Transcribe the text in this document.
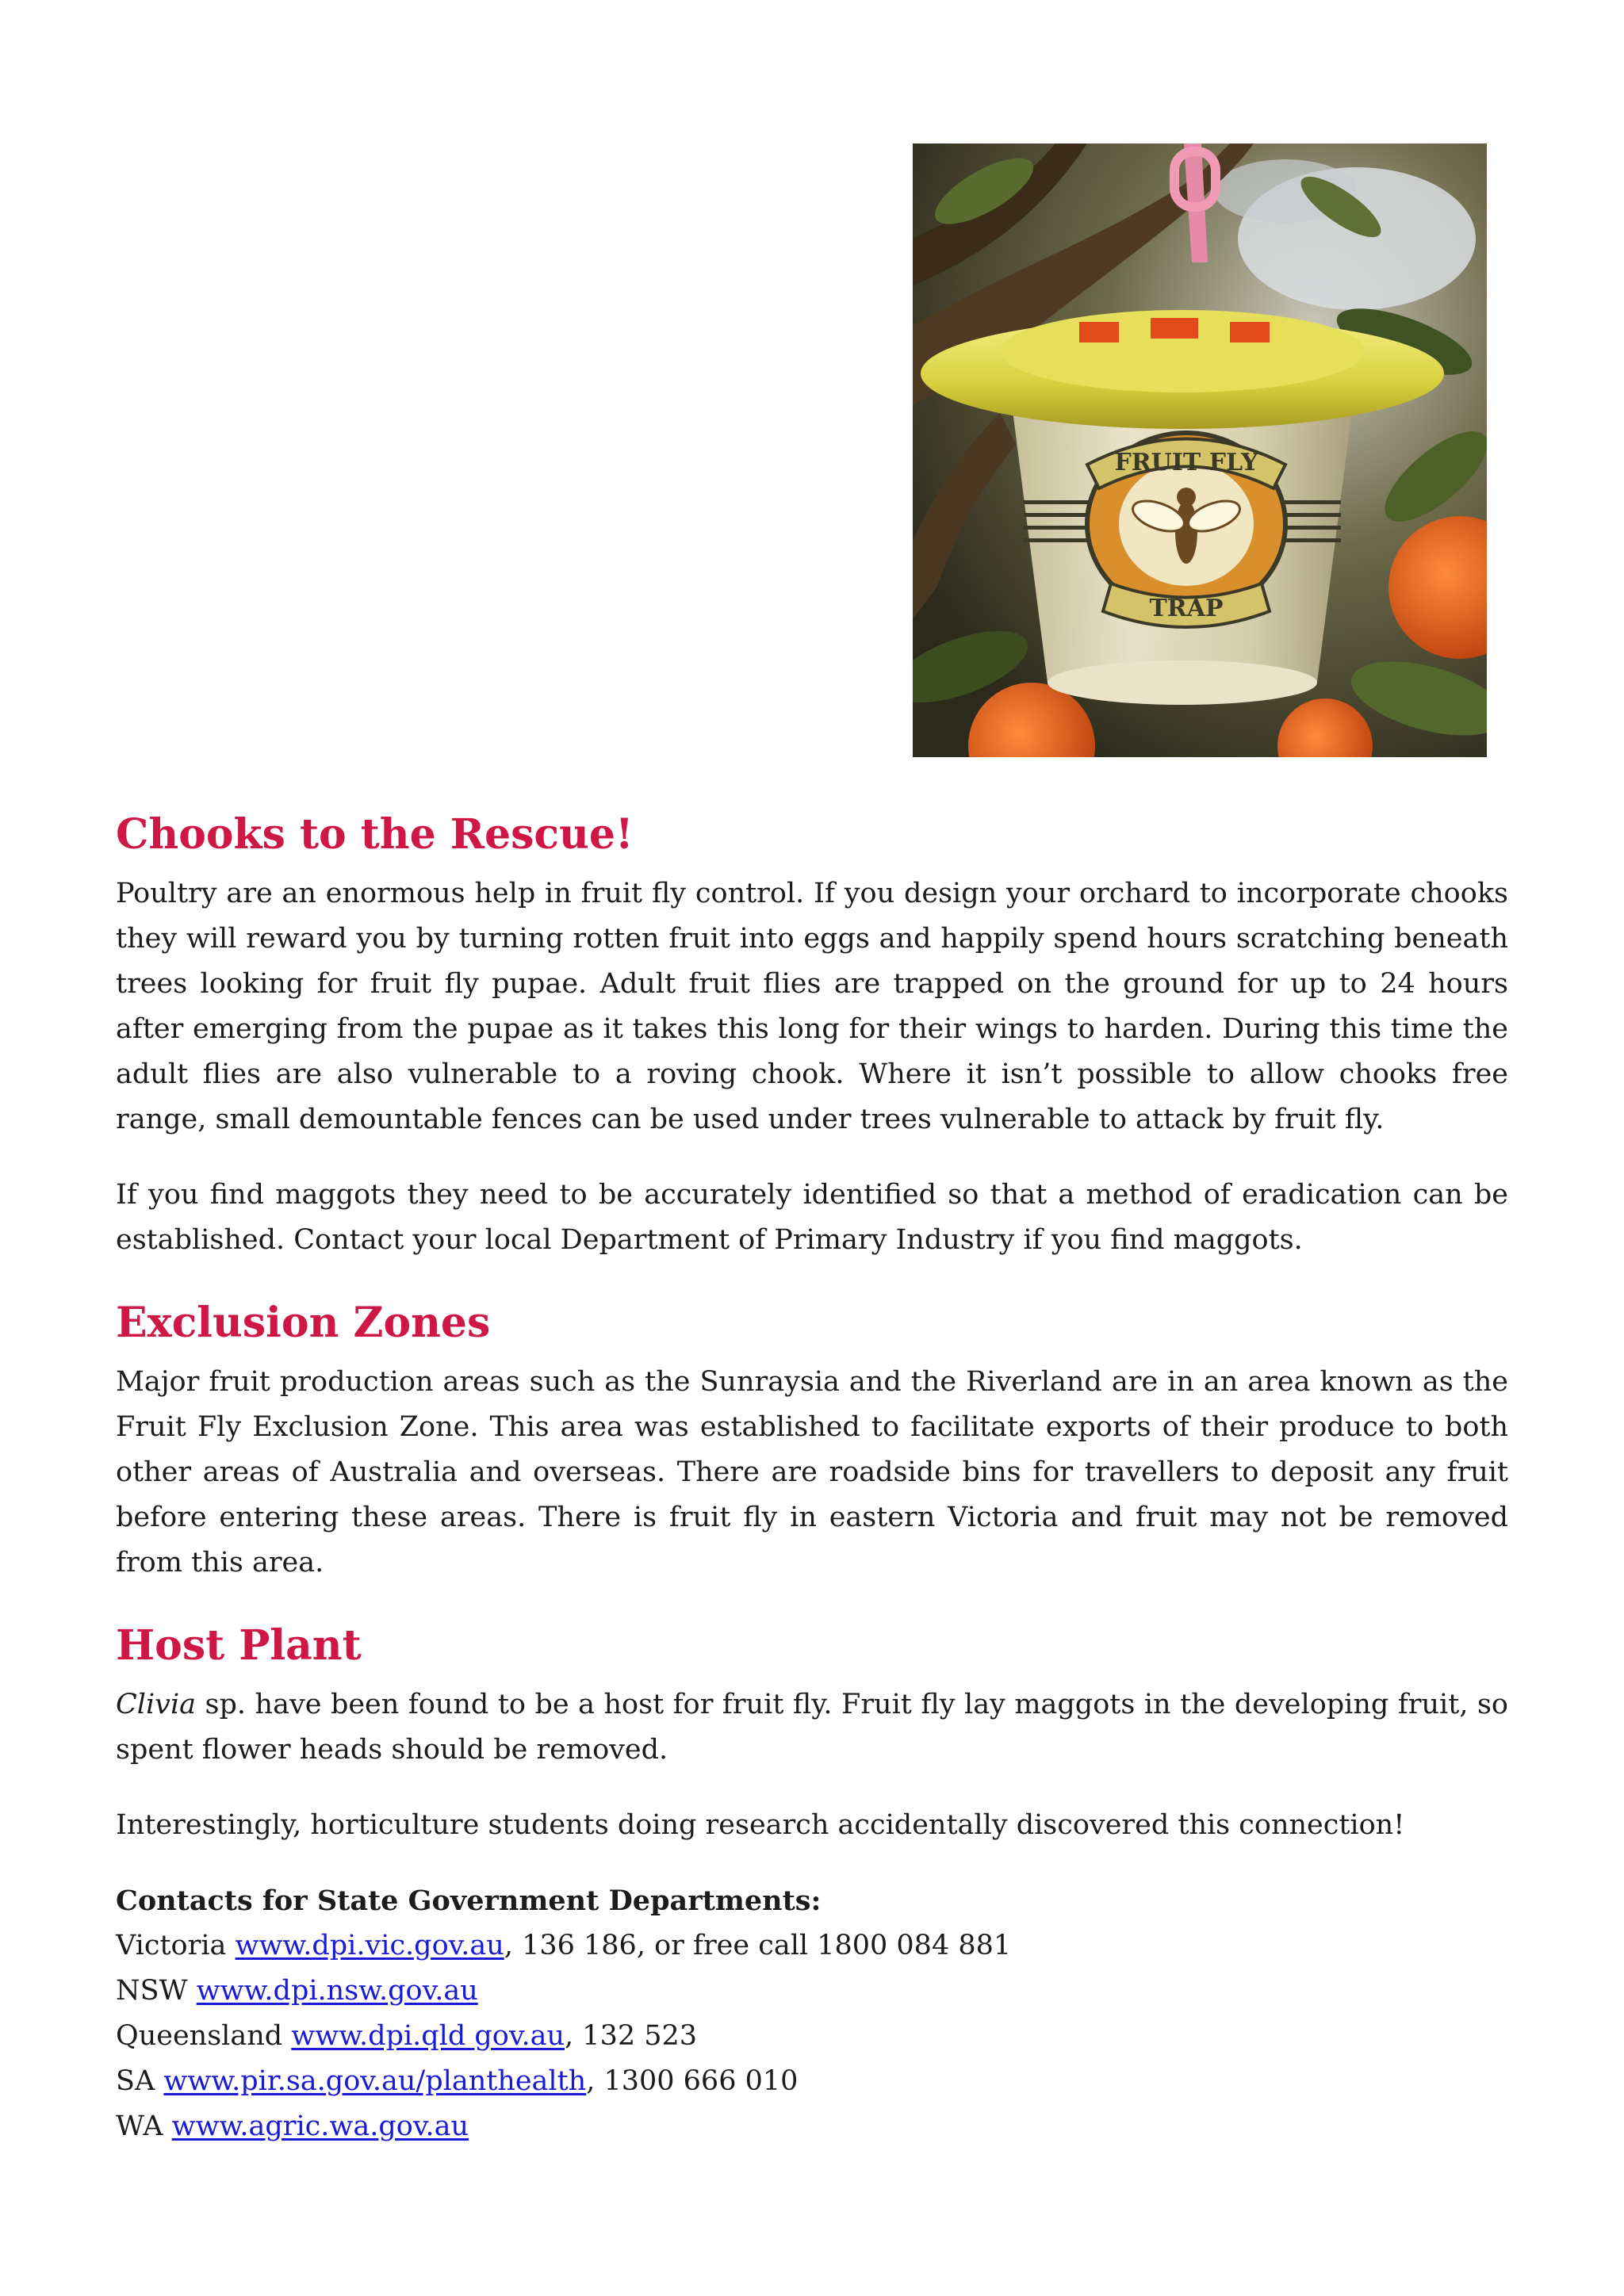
FRUIT FLY
TRAP
Chooks to the Rescue!

Poultry are an enormous help in fruit fly control. If you design your orchard to incorporate chooks they will reward you by turning rotten fruit into eggs and happily spend hours scratching beneath trees looking for fruit fly pupae. Adult fruit flies are trapped on the ground for up to 24 hours after emerging from the pupae as it takes this long for their wings to harden. During this time the adult flies are also vulnerable to a roving chook. Where it isn’t possible to allow chooks free range, small demountable fences can be used under trees vulnerable to attack by fruit fly.

If you find maggots they need to be accurately identified so that a method of eradication can be established. Contact your local Department of Primary Industry if you find maggots.

Exclusion Zones

Major fruit production areas such as the Sunraysia and the Riverland are in an area known as the Fruit Fly Exclusion Zone. This area was established to facilitate exports of their produce to both other areas of Australia and overseas. There are roadside bins for travellers to deposit any fruit before entering these areas. There is fruit fly in eastern Victoria and fruit may not be removed from this area.

Host Plant

Clivia sp. have been found to be a host for fruit fly. Fruit fly lay maggots in the developing fruit, so spent flower heads should be removed.

Interestingly, horticulture students doing research accidentally discovered this connection!

Contacts for State Government Departments:
Victoria www.dpi.vic.gov.au, 136 186, or free call 1800 084 881
NSW www.dpi.nsw.gov.au
Queensland www.dpi.qld gov.au, 132 523
SA www.pir.sa.gov.au/planthealth, 1300 666 010
WA www.agric.wa.gov.au
